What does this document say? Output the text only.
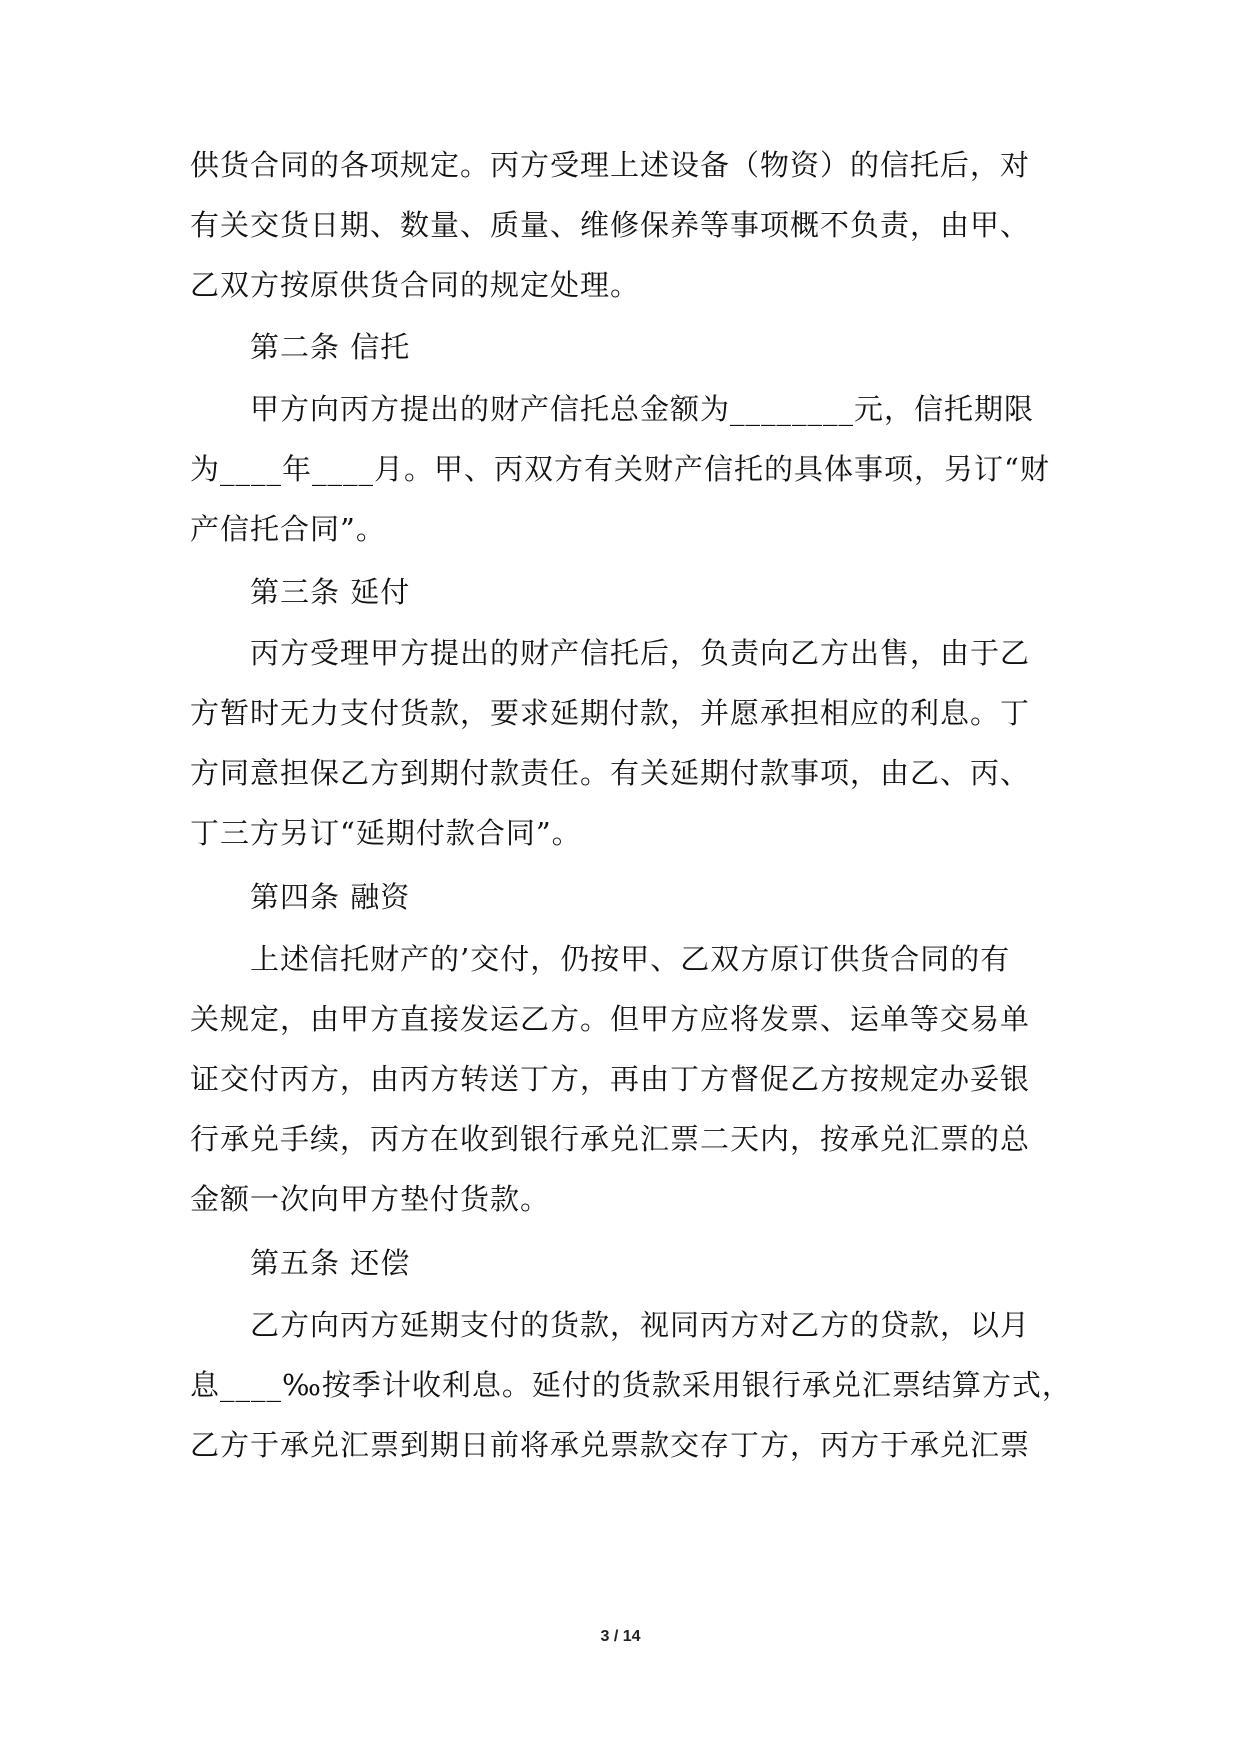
供货合同的各项规定。丙方受理上述设备（物资）的信托后，对
有关交货日期、数量、质量、维修保养等事项概不负责，由甲、
乙双方按原供货合同的规定处理。
第二条 信托
甲方向丙方提出的财产信托总金额为________元，信托期限
为____年____月。甲、丙双方有关财产信托的具体事项，另订“财
产信托合同”。
第三条 延付
丙方受理甲方提出的财产信托后，负责向乙方出售，由于乙
方暂时无力支付货款，要求延期付款，并愿承担相应的利息。丁
方同意担保乙方到期付款责任。有关延期付款事项，由乙、丙、
丁三方另订“延期付款合同”。
第四条 融资
上述信托财产的’交付，仍按甲、乙双方原订供货合同的有
关规定，由甲方直接发运乙方。但甲方应将发票、运单等交易单
证交付丙方，由丙方转送丁方，再由丁方督促乙方按规定办妥银
行承兑手续，丙方在收到银行承兑汇票二天内，按承兑汇票的总
金额一次向甲方垫付货款。
第五条 还偿
乙方向丙方延期支付的货款，视同丙方对乙方的贷款，以月
息____‰按季计收利息。延付的货款采用银行承兑汇票结算方式，
乙方于承兑汇票到期日前将承兑票款交存丁方，丙方于承兑汇票
3 / 14
